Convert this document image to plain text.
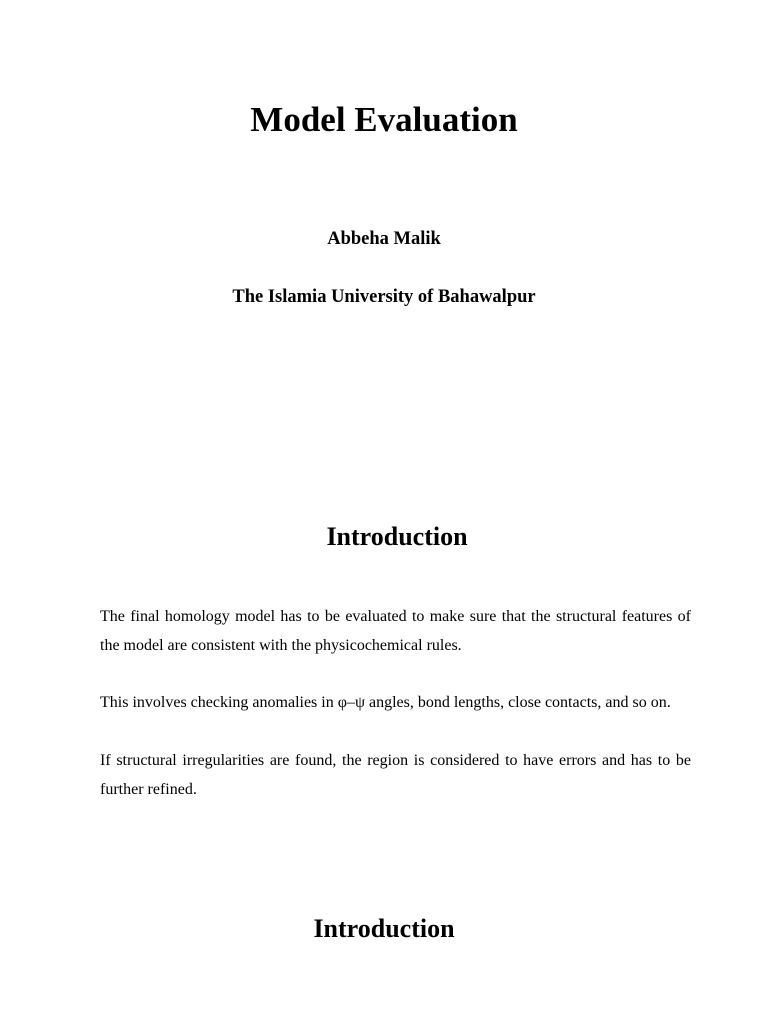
Model Evaluation
Abbeha Malik
The Islamia University of Bahawalpur
Introduction

The final homology model has to be evaluated to make sure that the structural features of the model are consistent with the physicochemical rules.

This involves checking anomalies in φ–ψ angles, bond lengths, close contacts, and so on.

If structural irregularities are found, the region is considered to have errors and has to be further refined.

Introduction
